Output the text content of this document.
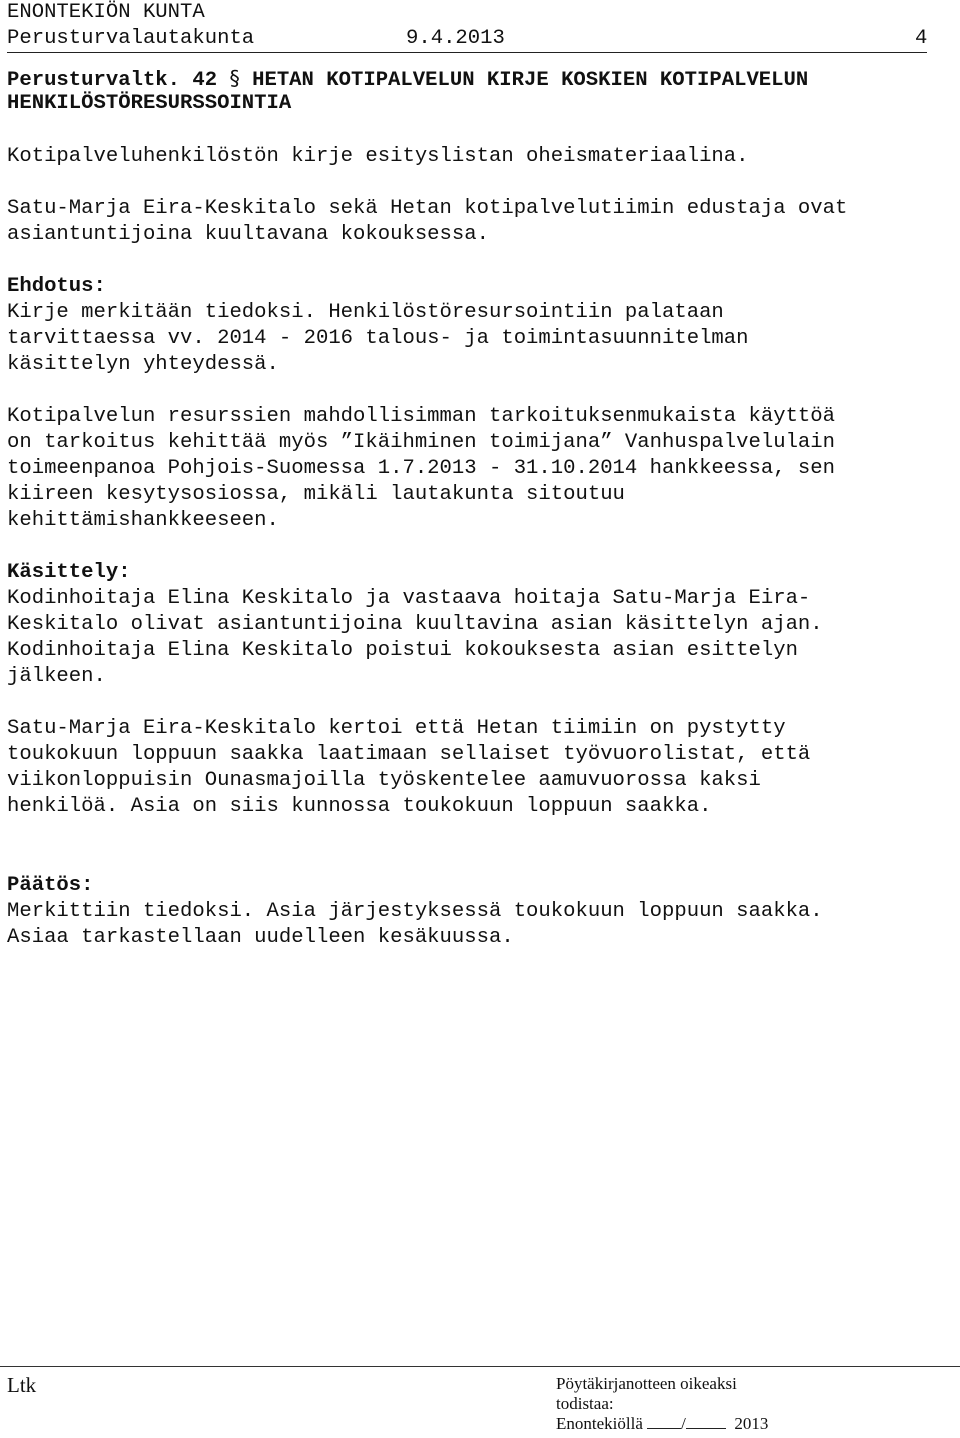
ENONTEKIÖN KUNTA
Perusturvalautakunta	9.4.2013	4
Perusturvaltk. 42 § HETAN KOTIPALVELUN KIRJE KOSKIEN KOTIPALVELUN
HENKILÖSTÖRESURSSOINTIA
Kotipalveluhenkilöstön kirje esityslistan oheismateriaalina.
Satu-Marja Eira-Keskitalo sekä Hetan kotipalvelutiimin edustaja ovat
asiantuntijoina kuultavana kokouksessa.
Ehdotus:
Kirje merkitään tiedoksi. Henkilöstöresursointiin palataan
tarvittaessa vv. 2014 - 2016 talous- ja toimintasuunnitelman
käsittelyn yhteydessä.
Kotipalvelun resurssien mahdollisimman tarkoituksenmukaista käyttöä
on tarkoitus kehittää myös ”Ikäihminen toimijana” Vanhuspalvelulain
toimeenpanoa Pohjois-Suomessa 1.7.2013 - 31.10.2014 hankkeessa, sen
kiireen kesytysosiossa, mikäli lautakunta sitoutuu
kehittämishankkeeseen.
Käsittely:
Kodinhoitaja Elina Keskitalo ja vastaava hoitaja Satu-Marja Eira-
Keskitalo olivat asiantuntijoina kuultavina asian käsittelyn ajan.
Kodinhoitaja Elina Keskitalo poistui kokouksesta asian esittelyn
jälkeen.
Satu-Marja Eira-Keskitalo kertoi että Hetan tiimiin on pystytty
toukokuun loppuun saakka laatimaan sellaiset työvuorolistat, että
viikonloppuisin Ounasmajoilla työskentelee aamuvuorossa kaksi
henkilöä. Asia on siis kunnossa toukokuun loppuun saakka.
Päätös:
Merkittiin tiedoksi. Asia järjestyksessä toukokuun loppuun saakka.
Asiaa tarkastellaan uudelleen kesäkuussa.
Ltk	Pöytäkirjanotteen oikeaksi
todistaa:
Enontekiöllä /	2013
